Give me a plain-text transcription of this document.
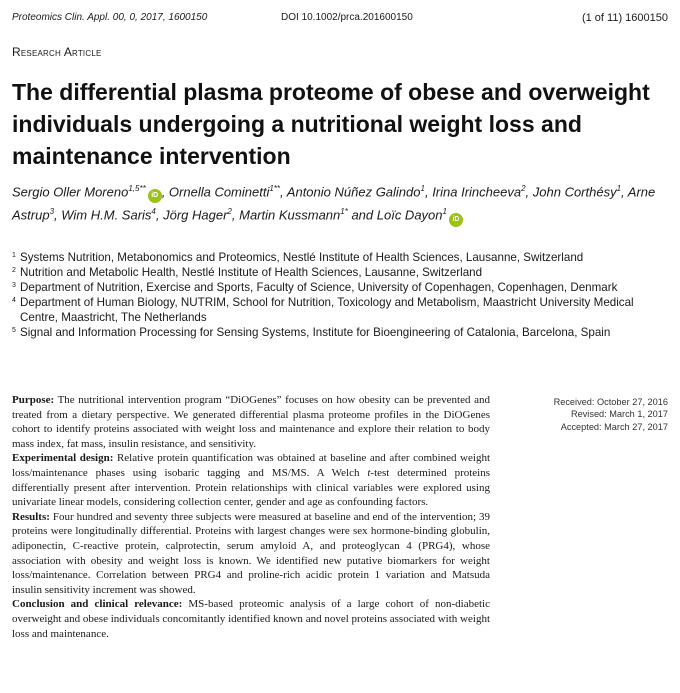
Proteomics Clin. Appl. 00, 0, 2017, 1600150	DOI 10.1002/prca.201600150	(1 of 11) 1600150
Research Article
The differential plasma proteome of obese and overweight individuals undergoing a nutritional weight loss and maintenance intervention

Sergio Oller Moreno$^{1,5**}$iD , Ornella Cominetti$^{1**}$, Antonio Núñez Galindo$^1$, Irina Irincheeva$^2$, John Corthésy$^1$, Arne Astrup$^3$, Wim H.M. Saris$^4$, Jörg Hager$^2$, Martin Kussmann$^{1*}$ and Loïc Dayon$^1$iD

1 Systems Nutrition, Metabonomics and Proteomics, Nestlé Institute of Health Sciences, Lausanne, Switzerland
2 Nutrition and Metabolic Health, Nestlé Institute of Health Sciences, Lausanne, Switzerland
3 Department of Nutrition, Exercise and Sports, Faculty of Science, University of Copenhagen, Copenhagen, Denmark
4 Department of Human Biology, NUTRIM, School for Nutrition, Toxicology and Metabolism, Maastricht University Medical Centre, Maastricht, The Netherlands
5 Signal and Information Processing for Sensing Systems, Institute for Bioengineering of Catalonia, Barcelona, Spain

Purpose: The nutritional intervention program “DiOGenes” focuses on how obesity can be prevented and treated from a dietary perspective. We generated differential plasma proteome profiles in the DiOGenes cohort to identify proteins associated with weight loss and maintenance and explore their relation to body mass index, fat mass, insulin resistance, and sensitivity.

Experimental design: Relative protein quantification was obtained at baseline and after combined weight loss/maintenance phases using isobaric tagging and MS/MS. A Welch t-test determined proteins differentially present after intervention. Protein relationships with clinical variables were explored using univariate linear models, considering collection center, gender and age as confounding factors.

Results: Four hundred and seventy three subjects were measured at baseline and end of the intervention; 39 proteins were longitudinally differential. Proteins with largest changes were sex hormone-binding globulin, adiponectin, C-reactive protein, calprotectin, serum amyloid A, and proteoglycan 4 (PRG4), whose association with obesity and weight loss is known. We identified new putative biomarkers for weight loss/maintenance. Correlation between PRG4 and proline-rich acidic protein 1 variation and Matsuda insulin sensitivity increment was showed.

Conclusion and clinical relevance: MS-based proteomic analysis of a large cohort of non-diabetic overweight and obese individuals concomitantly identified known and novel proteins associated with weight loss and maintenance.

Received: October 27, 2016
Revised: March 1, 2017
Accepted: March 27, 2017
